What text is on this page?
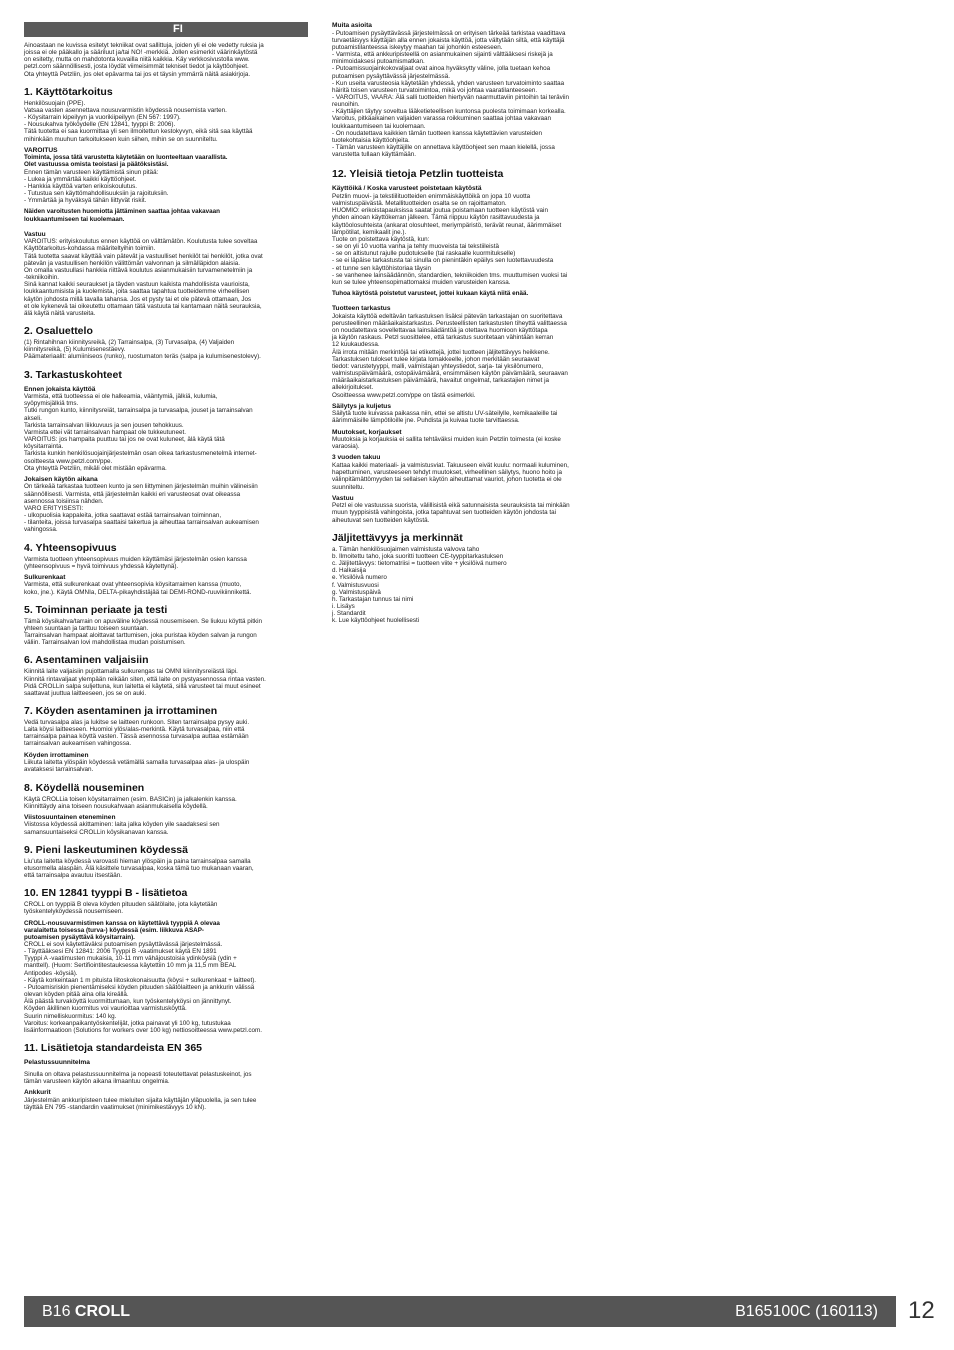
FI
Ainoastaan ne kuvissa esitetyt tekniikat ovat sallittuja, joiden yli ei ole vedetty ruksia ja
joissa ei ole pääkallo ja sääriluut ja/tai NO! -merkkiä. Jollen esimerkit väärinkäytöstä
on esitetty, mutta on mahdotonta kuvailla niitä kaikkia. Käy verkkosivustolla www.
petzl.com säännöllisesti, josta löydät viimeisimmät tekniset tiedot ja käyttöohjeet.
Ota yhteyttä Petzliin, jos olet epävarma tai jos et täysin ymmärrä näitä asiakirjoja.
1. Käyttötarkoitus
Henkilösuojain (PPE).
Vatsaa vasten asennettava nousuvarmistin köydessä nousemista varten.
- Köysitarrain kipeilyyn ja vuorikiipeilyyn (EN 567: 1997).
- Nousukahva työköydelle (EN 12841, tyyppi B: 2006).
Tätä tuotetta ei saa kuormittaa yli sen ilmoitettun kestokyvyn, eikä sitä saa käyttää
mihinkään muuhun tarkoitukseen kuin siihen, mihin se on suunniteltu.
VAROITUS
Toiminta, jossa tätä varustetta käytetään on luonteeltaan vaarallista.
Olet vastuussa omista teoistasi ja päätöksistäsi.
Ennen tämän varusteen käyttämistä sinun pitää:
- Lukea ja ymmärtää kaikki käyttöohjeet.
- Hankkia käyttöä varten erikoiskoulutus.
- Tutustua sen käyttömahdollisuuksiin ja rajoituksiin.
- Ymmärtää ja hyväksyä tähän liittyvät riskit.
Näiden varoitusten huomiotta jättäminen saattaa johtaa vakavaan
loukkaantumiseen tai kuolemaan.
Vastuu
VAROITUS: erityiskoulutus ennen käyttöä on välttämätön. Koulutusta tulee soveltaa
Käyttötarkoitus-kohdassa määriteltyihin toimiin.
Tätä tuotetta saavat käyttää vain pätevät ja vastuulliset henkilöt tai henkilöt, jotka ovat
pätevän ja vastuullisen henkilön välittömän valvonnan ja silmälläpidon alaisia.
On omalla vastuullasi hankkia riittävä koulutus asianmukaisiin turvamenetelmiin ja
-tekniikoihin.
Sinä kannat kaikki seuraukset ja täyden vastuun kaikista mahdollisista vaurioista,
loukkaantumisista ja kuolemista, joita saattaa tapahtua tuotteidemme virheellisen
käytön johdosta millä tavalla tahansa. Jos et pysty tai et ole pätevä ottamaan, Jos
et ole kykenevä tai oikeutettu ottamaan tätä vastuuta tai kantamaan näitä seurauksia,
älä käytä näitä varusteita.
2. Osaluettelo
(1) Rintahihnan kiinnitysreikä, (2) Tarrainsalpa, (3) Turvasalpa, (4) Valjaiden
kiinnitysreikä, (5) Kulumisenestäevy.
Päämateriaalit: alumiiniseos (runko), ruostumaton teräs (salpa ja kulumisenestolevy).
3. Tarkastuskohteet
Ennen jokaista käyttöä
Varmista, että tuotteessa ei ole halkeamia, vääntymiä, jälkiä, kulumia,
syöpymisjälkiä tms.
Tutki rungon kunto, kiinnitysreiät, tarrainsalpa ja turvasalpa, jouset ja tarrainsalvan
akseli.
Tarkista tarrainsalvan liikkuvuus ja sen jousen tehokkuus.
Varmista ettei vät tarrainsalvan hampaat ole tukkeutuneet.
VAROITUS: jos hampaita puuttuu tai jos ne ovat kuluneet, älä käytä tätä
köysitarrainta.
Tarkista kunkin henkilösuojainjärjestelmän osan oikea tarkastusmenetelmä internet-
osoitteesta www.petzl.com/ppe.
Ota yhteyttä Petzliin, mikäli olet mistään epävarma.
Jokaisen käytön aikana
On tärkeää tarkastaa tuotteen kunto ja sen liittyminen järjestelmän muihin välineisiin
säännöllisesti. Varmista, että järjestelmän kaikki eri varusteosat ovat oikeassa
asennossa toisiinsa nähden.
VARO ERITYISESTI:
- ulkopuolisia kappaleita, jotka saattavat estää tarrainsalvan toiminnan,
- tilanteita, joissa turvasalpa saattaisi takertua ja aiheuttaa tarrainsalvan aukeamisen
vahingossa.
4. Yhteensopivuus
Varmista tuotteen yhteensopivuus muiden käyttämäsi järjestelmän osien kanssa
(yhteensopivuus = hyvä toimivuus yhdessä käytettynä).
Sulkurenkaat
Varmista, että sulkurenkaat ovat yhteensopivia köysitarraimen kanssa (muoto,
koko, jne.). Käytä OMNIa, DELTA-pikayhdistäjää tai DEMI-ROND-ruuvikiinnikettä.
5. Toiminnan periaate ja testi
Tämä köysikahva/tarrain on apuväline köydessä nousemiseen. Se liukuu köyttä pitkin
yhteen suuntaan ja tarttuu toiseen suuntaan.
Tarrainsalvan hampaat aloittavat tarttumisen, joka puristaa köyden salvan ja rungon
väliin. Tarrainsalvan lovi mahdollistaa mudan poistumisen.
6. Asentaminen valjaisiin
Kiinnitä laite valjaisiin pujottamalla sulkurengas tai OMNI kiinnitysreiästä läpi.
Kiinnitä rintavaljaat ylempään reikään siten, että laite on pystyasennossa rintaa vasten.
Pidä CROLLin salpa suljettuna, kun laitetta ei käytetä, sillä varusteet tai muut esineet
saattavat juuttua laitteeseen, jos se on auki.
7. Köyden asentaminen ja irrottaminen
Vedä turvasalpa alas ja lukitse se laitteen runkoon. Siten tarrainsalpa pysyy auki.
Laita köysi laitteeseen. Huomioi ylös/alas-merkintä. Käytä turvasalpaa, niin että
tarrainsalpa painaa köyttä vasten. Tässä asennossa turvasalpa auttaa estämään
tarrainsalvan aukeamisen vahingossa.
Köyden irrottaminen
Liikuta laitetta ylöspäin köydessä vetämällä samalla turvasalpaa alas- ja ulospäin
avataksesi tarrainsalvan.
8. Köydellä nouseminen
Käytä CROLLia toisen köysitarraimen (esim. BASICin) ja jalkalenkin kanssa.
Kiinnittäydy aina toiseen nousukahvaan asianmukaisella köydellä.
Viistosuuntainen eteneminen
Viistossa köydessä akittaminen: laita jalka köyden yile saadaksesi sen
samansuuntaiseksi CROLLin köysikanavan kanssa.
9. Pieni laskeutuminen köydessä
Liu'uta laitetta köydessä varovasti hieman ylöspäin ja paina tarrainsalpaa samalla
etusormella alaspäin. Älä käsittele turvasalpaa, koska tämä tuo mukanaan vaaran,
että tarrainsalpa avautuu itsestään.
10. EN 12841 tyyppi B - lisätietoa
CROLL on tyyppiä B oleva köyden pituuden säätölaite, jota käytetään
työskentelyköydessä nousemiseen.
CROLL-nousuvarmistimen kanssa on käytettävä tyyppiä A olevaa
varalaitetta toisessa (turva-) köydessä (esim. liikkuva ASAP-
putoamisen pysäyttävä köysitarrain).
CROLL ei sovi käytettäväksi putoamisen pysäyttävässä järjestelmässä.
- Täyttääksesi EN 12841: 2006 Tyyppi B -vaatimukset käytä EN 1891
Tyyppi A -vaatimusten mukaisia, 10-11 mm vähäjoustoisia ydinköysiä (ydin +
manttell). (Huom: Sertifiointitestauksessa käytettiin 10 mm ja 11,5 mm BEAL
Antipodes -köysiä).
- Käytä korkeintaan 1 m pituista liitoskokonaisuutta (köysi + sulkurenkaat + laitteet).
- Putoamisriskin pienentämiseksi köyden pituuden säätölaitteen ja ankkurin välissä
olevan köyden pitää aina olla kireällä.
Älä päästä turvaköyttä kuormittumaan, kun työskentelyköysi on jännittynyt.
Köyden äkillinen kuormitus voi vaurioittaa varmistusköyttä.
Suurin nimelliskuormitus: 140 kg.
Varoitus: korkeanpaikantyöskentelijät, jotka painavat yli 100 kg, tutustukaa
lisäinformaatioon (Solutions for workers over 100 kg) nettiosoitteessa www.petzl.com.
11. Lisätietoja standardeista EN 365
Pelastussuunnitelma
Sinulla on oltava pelastussuunnitelma ja nopeasti toteutettavat pelastuskeinot, jos
tämän varusteen käytön aikana ilmaantuu ongelmia.
Ankkurit
Järjestelmän ankkuripisteen tulee mieluiten sijaita käyttäjän yläpuolella, ja sen tulee
täyttää EN 795 -standardin vaatimukset (minimikestävyys 10 kN).
Muita asioita
- Putoamisen pysäyttävässä järjestelmässä on erityisen tärkeää tarkistaa vaadittava
turvaetäisyys käyttäjän alla ennen jokaista käyttöä, jotta vältytään siltä, että käyttäjä
putoamistilanteessa iskeytyy maahan tai johonkin esteeseen.
- Varmista, että ankkuripisteellä on asianmukainen sijainti välttääksesi riskejä ja
minimoidaksesi putoamismatkan.
- Putoamissuojainkokovaljaat ovat ainoa hyväksytty väline, jolla tuetaan kehoa
putoamisen pysäyttävässä järjestelmässä.
- Kun useita varusteosia käytetään yhdessä, yhden varusteen turvatoiminto saattaa
häiritä toisen varusteen turvatoimintoa, mikä voi johtaa vaaratilanteeseen.
- VAROITUS, VAARA: Älä salli tuotteiden hiertyvän naarmuttaviin pintoihin tai teräviin
reunoihin.
- Käyttäjien täytyy soveltua lääketieteellisen kuntonsa puolesta toimimaan korkealla.
Varoitus, pitkäaikainen valjaiden varassa roikkuminen saattaa johtaa vakavaan
loukkaantumiseen tai kuolemaan.
- On noudatettava kaikkien tämän tuotteen kanssa käytettävien varusteiden
tuotekohtaisia käyttöohjeita.
- Tämän varusteen käyttäjille on annettava käyttöohjeet sen maan kielellä, jossa
varustetta tullaan käyttämään.
12. Yleisiä tietoja Petzlin tuotteista
Käyttöikä / Koska varusteet poistetaan käytöstä
Petzlin muovi- ja tekstiilituotteiden enimmäiskäyttöikä on jopa 10 vuotta
valmistuspäivästä. Metallituotteiden osalta se on rajoittamaton.
HUOMIO: erikoistapauksissa saatat joutua poistamaan tuotteen käytöstä vain
yhden ainoan käyttökerran jälkeen. Tämä riippuu käytön rasittavuudesta ja
käyttöolosuhteista (ankarat olosuhteet, meriympäristö, terävät reunat, äärimmäiset
lämpötilat, kemikaalit jne.).
Tuote on poistettava käytöstä, kun:
- se on yli 10 vuotta vanha ja tehty muoveista tai tekstiileistä
- se on altistunut rajulle pudotukselle (tai raskaalle kuormitukselle)
- se ei läpäise tarkastusta tai sinulla on pienintäkin epäilys sen luotettavuudesta
- et tunne sen käyttöhistoriaa täysin
- se vanhenee lainsäädännön, standardien, tekniikoiden tms. muuttumisen vuoksi tai
kun se tulee yhteensopimattomaksi muiden varusteiden kanssa.
Tuhoa käytöstä poistetut varusteet, jottei kukaan käytä niitä enää.
Tuotteen tarkastus
Jokaista käyttöä edeltävän tarkastuksen lisäksi pätevän tarkastajan on suoritettava
perusteellinen määräaikaistarkastus. Perusteellisten tarkastusten tiheyttä valittaessa
on noudatettava sovellettavaa lainsäädäntöä ja otettava huomioon käyttötapa
ja käytön raskaus. Petzl suosittelee, että tarkastus suoritetaan vähintään kerran
12 kuukaudessa.
Älä irrota mitään merkintöjä tai etikettejä, jottei tuotteen jäljitettävyys heikkene.
Tarkastuksen tulokset tulee kirjata lomakkeelle, johon merkitään seuraavat
tiedot: varustetyyppi, malli, valmistajan yhteystiedot, sarja- tai yksilönumero,
valmistuspäivämäärä, ostopäivämäärä, ensimmäisen käytön päivämäärä, seuraavan
määräaikaistarkastuksen päivämäärä, havaitut ongelmat, tarkastajien nimet ja
allekirjoitukset.
Osoitteessa www.petzl.com/ppe on tästä esimerkki.
Säilytys ja kuljetus
Säilytä tuote kuivassa paikassa niin, ettei se altistu UV-säteilylle, kemikaaleille tai
äärimmäisille lämpötiloille jne. Puhdista ja kuivaa tuote tarvittaessa.
Muutokset, korjaukset
Muutoksia ja korjauksia ei sallita tehtäväksi muiden kuin Petzlin toimesta (ei koske
varaosia).
3 vuoden takuu
Kattaa kaikki materiaali- ja valmistusviat. Takuuseen eivät kuulu: normaali kuluminen,
hapettuminen, varusteeseen tehdyt muutokset, virheellinen säilytys, huono hoito ja
välinpitämättömyyden tai sellaisen käytön aiheuttamat vauriot, johon tuotetta ei ole
suunniteltu.
Vastuu
Petzl ei ole vastuussa suorista, välillisistä eikä satunnaisista seurauksista tai minkään
muun tyyppisistä vahingoista, jotka tapahtuvat sen tuotteiden käytön johdosta tai
aiheutuvat sen tuotteiden käytöstä.
Jäljitettävyys ja merkinnät
a. Tämän henkilösuojaimen valmistusta valvova taho
b. Ilmoitettu taho, joka suoritti tuotteen CE-tyyppitarkastuksen
c. Jäljitettävyys: tietomatriisi = tuotteen viite + yksilöivä numero
d. Halkaisija
e. Yksilöivä numero
f. Valmistusvuosi
g. Valmistuspäivä
h. Tarkastajan tunnus tai nimi
i. Lisäys
j. Standardit
k. Lue käyttöohjeet huolellisesti
B16 CROLL	B165100C (160113) 12
